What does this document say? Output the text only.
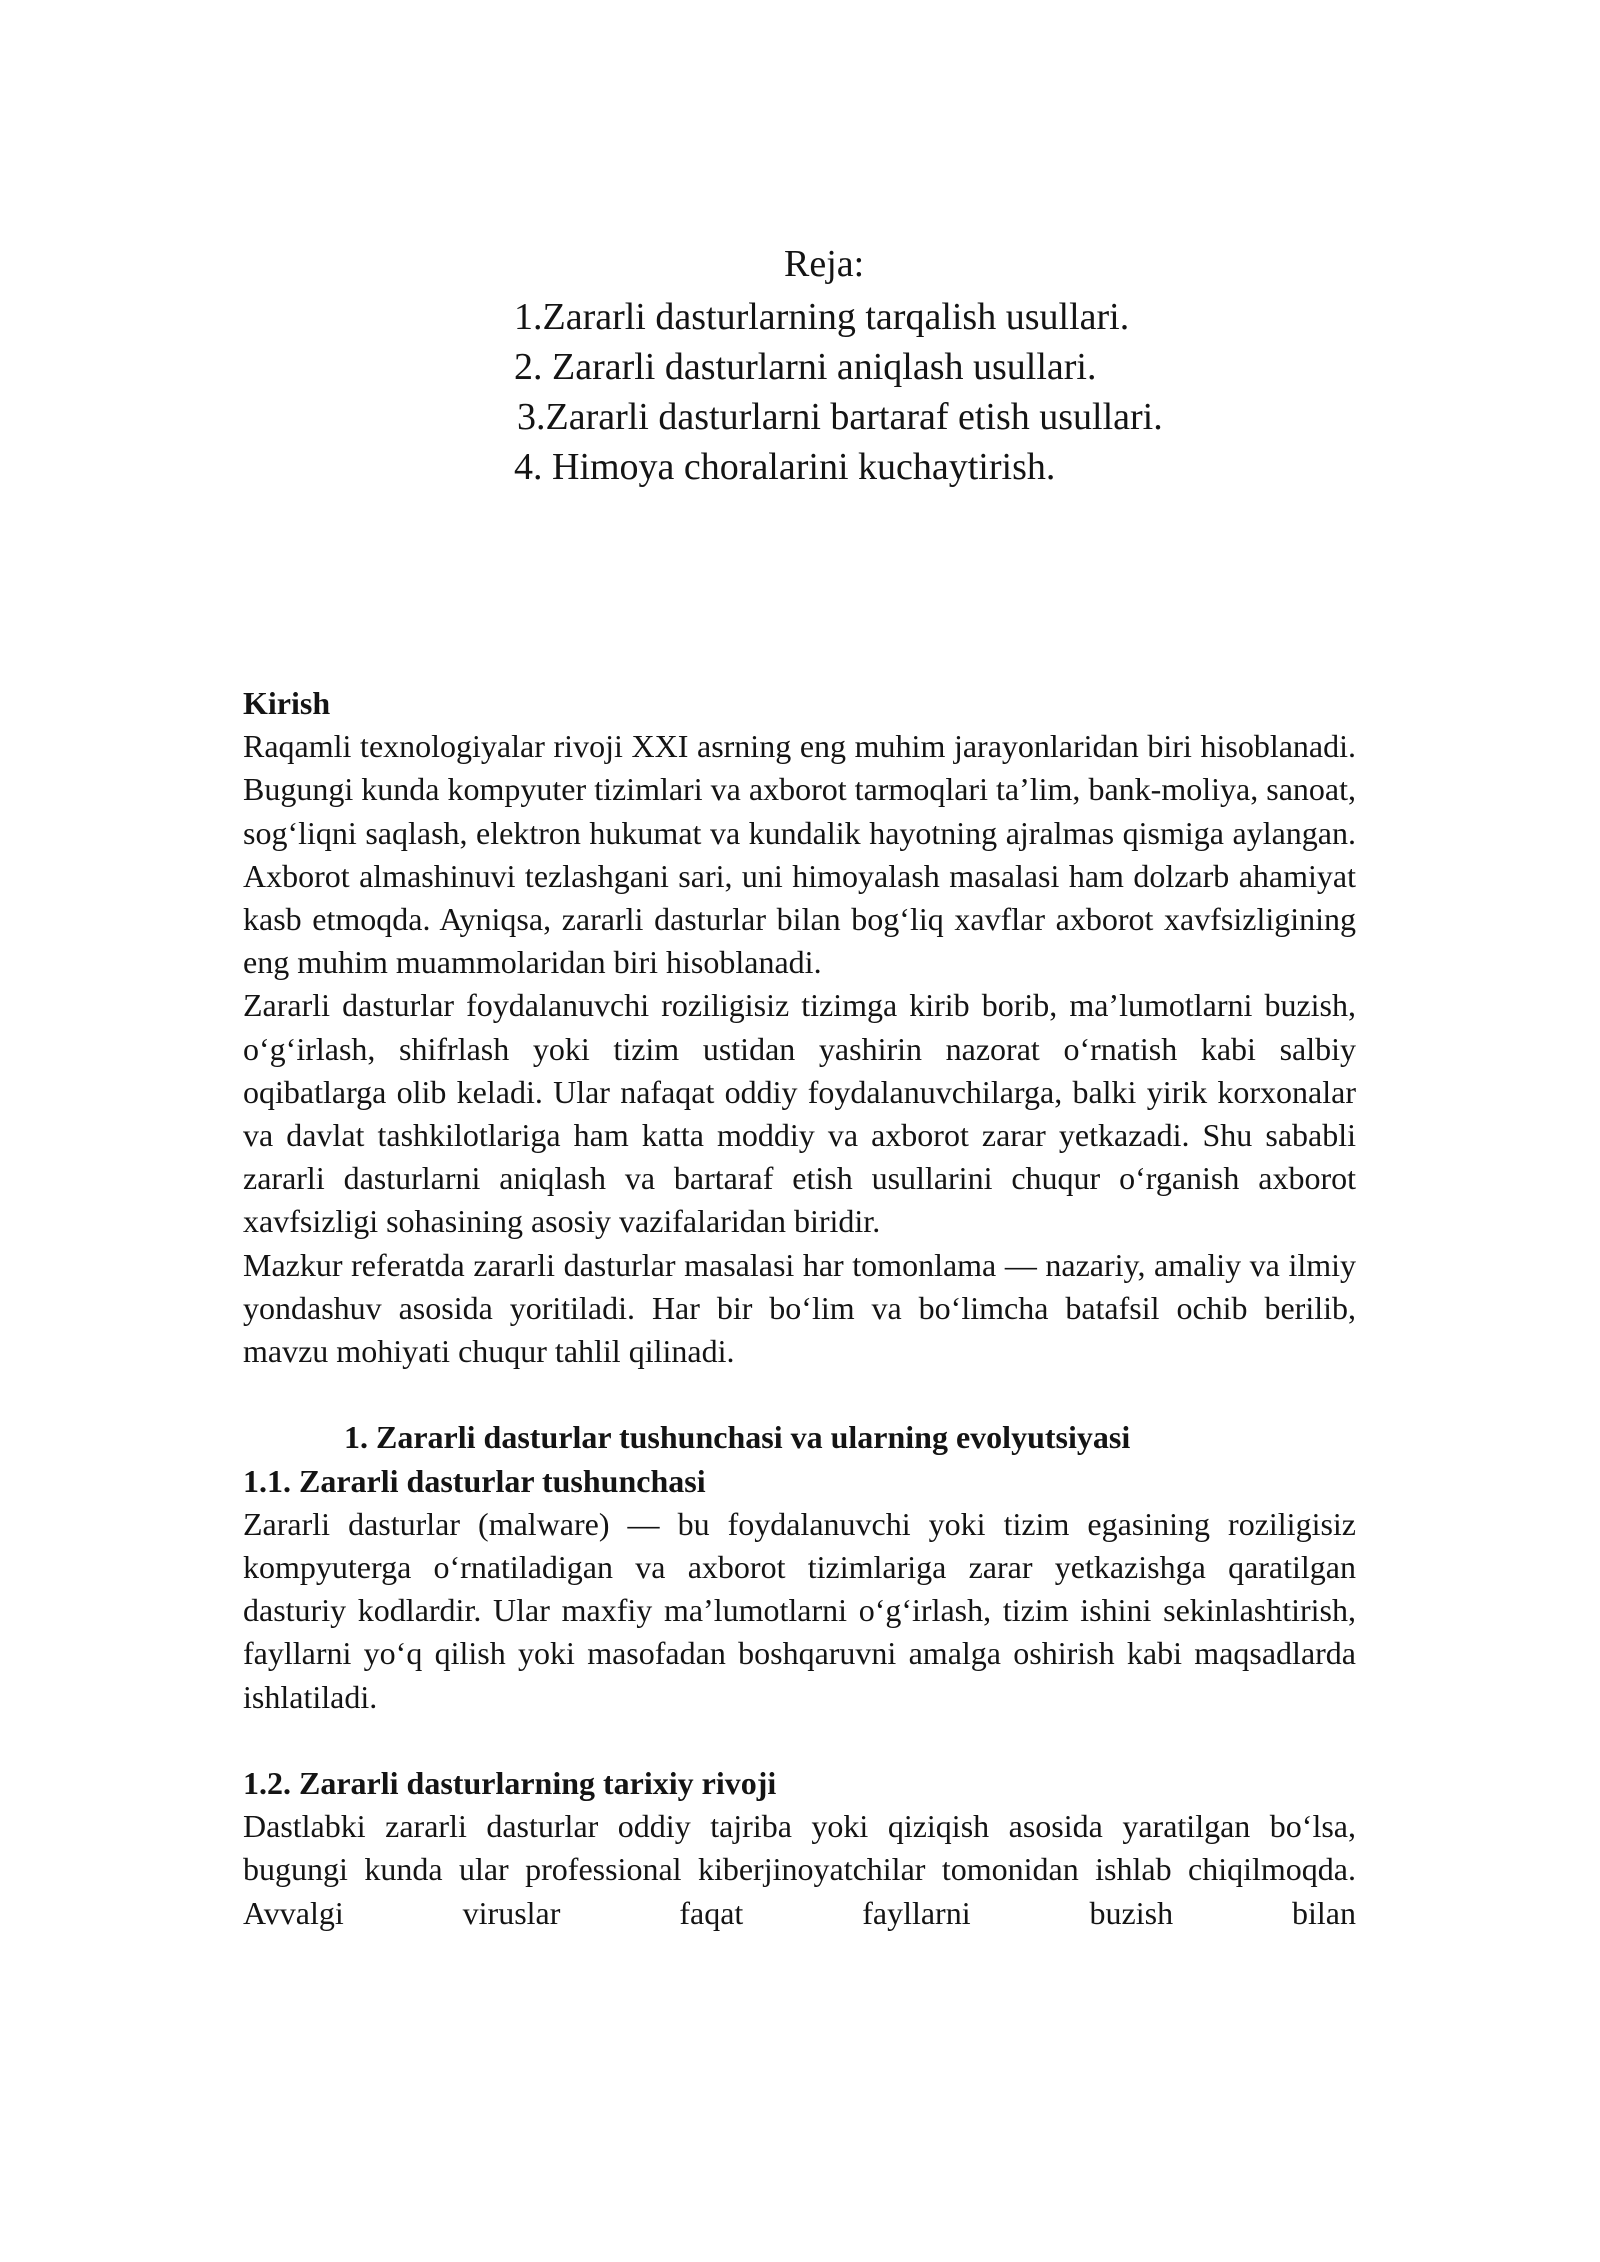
Reja:
1.Zararli dasturlarning tarqalish usullari.
2. Zararli dasturlarni aniqlash usullari.
3.Zararli dasturlarni bartaraf etish usullari.
4. Himoya choralarini kuchaytirish.
Kirish

Raqamli texnologiyalar rivoji XXI asrning eng muhim jarayonlaridan biri hisoblanadi. Bugungi kunda kompyuter tizimlari va axborot tarmoqlari ta’lim, bank-moliya, sanoat, sog‘liqni saqlash, elektron hukumat va kundalik hayotning ajralmas qismiga aylangan. Axborot almashinuvi tezlashgani sari, uni himoyalash masalasi ham dolzarb ahamiyat kasb etmoqda. Ayniqsa, zararli dasturlar bilan bog‘liq xavflar axborot xavfsizligining eng muhim muammolaridan biri hisoblanadi.

Zararli dasturlar foydalanuvchi roziligisiz tizimga kirib borib, ma’lumotlarni buzish, o‘g‘irlash, shifrlash yoki tizim ustidan yashirin nazorat o‘rnatish kabi salbiy oqibatlarga olib keladi. Ular nafaqat oddiy foydalanuvchilarga, balki yirik korxonalar va davlat tashkilotlariga ham katta moddiy va axborot zarar yetkazadi. Shu sababli zararli dasturlarni aniqlash va bartaraf etish usullarini chuqur o‘rganish axborot xavfsizligi sohasining asosiy vazifalaridan biridir.

Mazkur referatda zararli dasturlar masalasi har tomonlama — nazariy, amaliy va ilmiy yondashuv asosida yoritiladi. Har bir bo‘lim va bo‘limcha batafsil ochib berilib, mavzu mohiyati chuqur tahlil qilinadi.

1. Zararli dasturlar tushunchasi va ularning evolyutsiyasi
1.1. Zararli dasturlar tushunchasi

Zararli dasturlar (malware) — bu foydalanuvchi yoki tizim egasining roziligisiz kompyuterga o‘rnatiladigan va axborot tizimlariga zarar yetkazishga qaratilgan dasturiy kodlardir. Ular maxfiy ma’lumotlarni o‘g‘irlash, tizim ishini sekinlashtirish, fayllarni yo‘q qilish yoki masofadan boshqaruvni amalga oshirish kabi maqsadlarda ishlatiladi.

1.2. Zararli dasturlarning tarixiy rivoji

Dastlabki zararli dasturlar oddiy tajriba yoki qiziqish asosida yaratilgan bo‘lsa, bugungi kunda ular professional kiberjinoyatchilar tomonidan ishlab chiqilmoqda. Avvalgi viruslar faqat fayllarni buzish bilan
